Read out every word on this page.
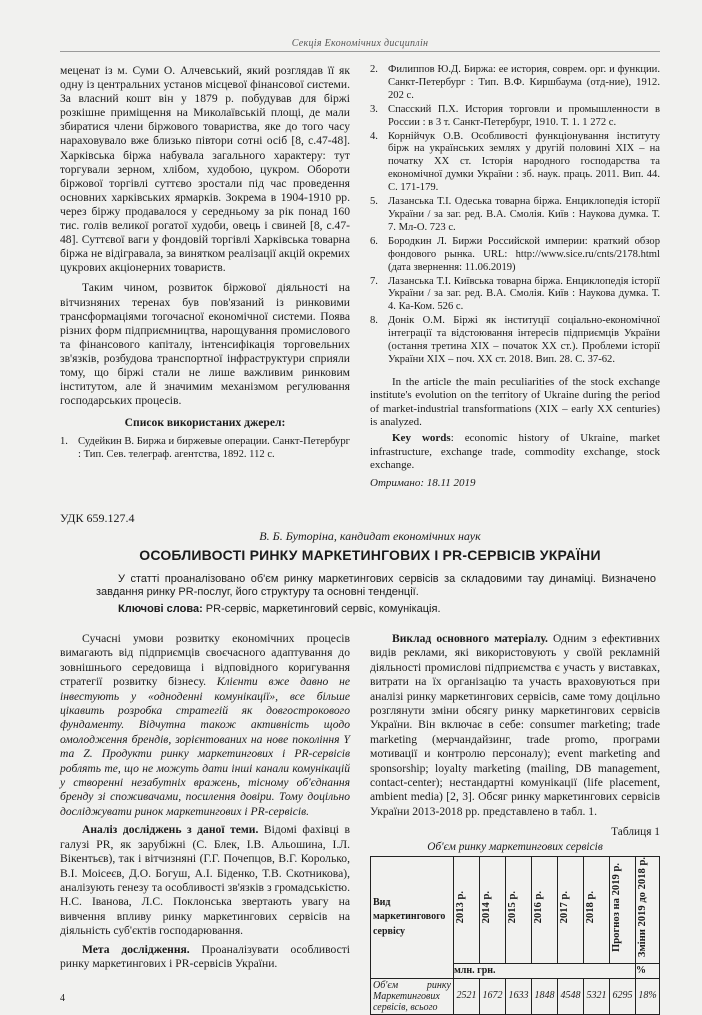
Секція Економічних дисциплін

меценат із м. Суми О. Алчевський, який розглядав її як одну із центральних установ місцевої фінансової системи. За власний кошт він у 1879 р. побудував для біржі розкішне приміщення на Миколаївській площі, де мали збиратися члени біржового товариства, яке до того часу нараховувало вже близько півтори сотні осіб [8, с.47-48]. Харківська біржа набувала загального характеру: тут торгували зерном, хлібом, худобою, цукром. Обороти біржової торгівлі суттєво зростали під час проведення основних харківських ярмарків. Зокрема в 1904-1910 рр. через біржу продавалося у середньому за рік понад 160 тис. голів великої рогатої худоби, овець і свиней [8, с.47-48]. Суттєвої ваги у фондовій торгівлі Харківська товарна біржа не відігравала, за винятком реалізації акцій окремих цукрових акціонерних товариств.

Таким чином, розвиток біржової діяльності на вітчизняних теренах був пов'язаний із ринковими трансформаціями тогочасної економічної системи. Поява різних форм підприємництва, нарощування промислового та фінансового капіталу, інтенсифікація торговельних зв'язків, розбудова транспортної інфраструктури сприяли тому, що біржі стали не лише важливим ринковим інститутом, але й значимим механізмом регулювання господарських процесів.

Список використаних джерел:

1. Судейкин В. Биржа и биржевые операции. Санкт-Петербург : Тип. Сев. телеграф. агентства, 1892. 112 с.
2. Филиппов Ю.Д. Биржа: ее история, соврем. орг. и функции. Санкт-Петербург : Тип. В.Ф. Киршбаума (отд-ние), 1912. 202 с.
3. Спасский П.Х. История торговли и промышленности в России : в 3 т. Санкт-Петербург, 1910. Т. 1. 1 272 с.
4. Корнійчук О.В. Особливості функціонування інституту бірж на українських землях у другій половині XIX – на початку XX ст. Історія народного господарства та економічної думки України : зб. наук. праць. 2011. Вип. 44. С. 171-179.
5. Лазанська Т.І. Одеська товарна біржа. Енциклопедія історії України / за заг. ред. В.А. Смолія. Київ : Наукова думка. Т. 7. Мл-О. 723 с.
6. Бородкин Л. Биржи Российской империи: краткий обзор фондового рынка. URL: http://www.sice.ru/cnts/2178.html (дата звернення: 11.06.2019)
7. Лазанська Т.І. Київська товарна біржа. Енциклопедія історії України / за заг. ред. В.А. Смолія. Київ : Наукова думка. Т. 4. Ка-Ком. 526 с.
8. Донік О.М. Біржі як інституції соціально-економічної інтеграції та відстоювання інтересів підприємців України (остання третина XIX – початок XX ст.). Проблеми історії України XIX – поч. XX ст. 2018. Вип. 28. С. 37-62.

In the article the main peculiarities of the stock exchange institute's evolution on the territory of Ukraine during the period of market-industrial transformations (XIX – early XX centuries) is analyzed.

Key words: economic history of Ukraine, market infrastructure, exchange trade, commodity exchange, stock exchange.

Отримано: 18.11 2019

УДК 659.127.4
В. Б. Буторіна, кандидат економічних наук
ОСОБЛИВОСТІ РИНКУ МАРКЕТИНГОВИХ І PR-СЕРВІСІВ УКРАЇНИ
У статті проаналізовано об'єм ринку маркетингових сервісів за складовими тау динаміці. Визначено завдання ринку PR-послуг, його структуру та основні тенденції.
Ключові слова: PR-сервіс, маркетинговий сервіс, комунікація.

Сучасні умови розвитку економічних процесів вимагають від підприємців своєчасного адаптування до зовнішнього середовища і відповідного коригування стратегії розвитку бізнесу. Клієнти вже давно не інвестують у «одноденні комунікації», все більше цікавить розробка стратегій як довгострокового фундаменту. Відчутна також активність щодо омолодження брендів, зорієнтованих на нове покоління Y та Z. Продукти ринку маркетингових і PR-сервісів роблять те, що не можуть дати інші канали комунікацій у створенні незабутніх вражень, тісному об'єднання бренду зі споживачами, посилення довіри. Тому доцільно досліджувати ринок маркетингових і PR-сервісів.

Аналіз досліджень з даної теми. Відомі фахівці в галузі PR, як зарубіжні (С. Блек, І.В. Альошина, І.Л. Вікентьєв), так і вітчизняні (Г.Г. Почепцов, В.Г. Королько, В.І. Моісеєв, Д.О. Богуш, А.І. Біденко, Т.В. Скотникова), аналізують генезу та особливості зв'язків з громадськістю. Н.С. Іванова, Л.С. Поклонська звертають увагу на вивчення впливу ринку маркетингових сервісів на діяльність суб'єктів господарювання.

Мета дослідження. Проаналізувати особливості ринку маркетингових і PR-сервісів України.

Виклад основного матеріалу. Одним з ефективних видів реклами, які використовують у своїй рекламній діяльності промислові підприємства є участь у виставках, витрати на їх організацію та участь враховуються при аналізі ринку маркетингових сервісів, саме тому доцільно розглянути зміни обсягу ринку маркетингових сервісів України. Він включає в себе: consumer marketing; trade marketing (мерчандайзинг, trade promo, програми мотивації и контролю персоналу); event marketing and sponsorship; loyalty marketing (mailing, DB management, contact-center); нестандартні комунікації (life placement, ambient media) [2, 3]. Обсяг ринку маркетингових сервісів України 2013-2018 рр. представлено в табл. 1.

Таблиця 1
Об'єм ринку маркетингових сервісів
Вид маркетингового сервісу	2013 р.	2014 р.	2015 р.	2016 р.	2017 р.	2018 р.	Прогноз на 2019 р.	Зміни 2019 до 2018 р.
	млн. грн.							%
Об'єм ринку Маркетингових сервісів, всього	2521	1672	1633	1848	4548	5321	6295	18%
4
